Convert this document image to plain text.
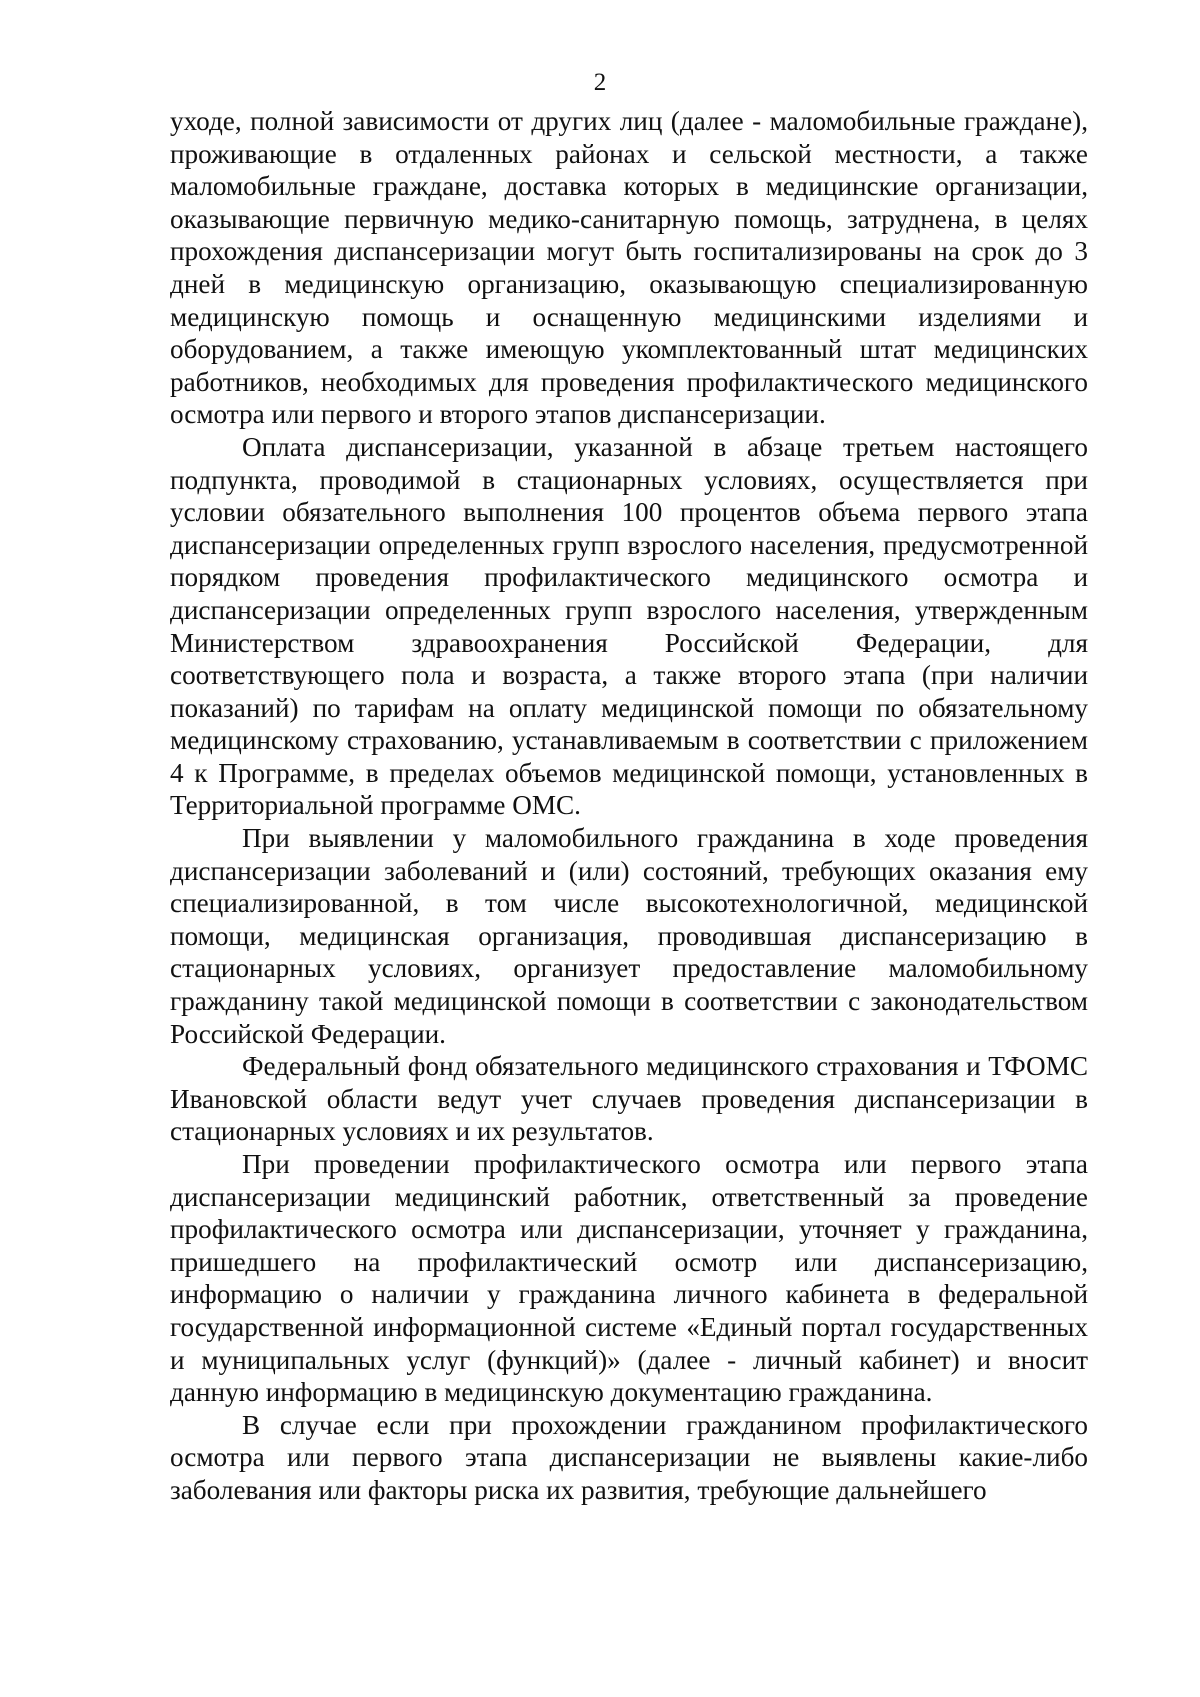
2

уходе, полной зависимости от других лиц (далее - маломобильные граждане), проживающие в отдаленных районах и сельской местности, а также маломобильные граждане, доставка которых в медицинские организации, оказывающие первичную медико-санитарную помощь, затруднена, в целях прохождения диспансеризации могут быть госпитализированы на срок до 3 дней в медицинскую организацию, оказывающую специализированную медицинскую помощь и оснащенную медицинскими изделиями и оборудованием, а также имеющую укомплектованный штат медицинских работников, необходимых для проведения профилактического медицинского осмотра или первого и второго этапов диспансеризации.

Оплата диспансеризации, указанной в абзаце третьем настоящего подпункта, проводимой в стационарных условиях, осуществляется при условии обязательного выполнения 100 процентов объема первого этапа диспансеризации определенных групп взрослого населения, предусмотренной порядком проведения профилактического медицинского осмотра и диспансеризации определенных групп взрослого населения, утвержденным Министерством здравоохранения Российской Федерации, для соответствующего пола и возраста, а также второго этапа (при наличии показаний) по тарифам на оплату медицинской помощи по обязательному медицинскому страхованию, устанавливаемым в соответствии с приложением 4 к Программе, в пределах объемов медицинской помощи, установленных в Территориальной программе ОМС.

При выявлении у маломобильного гражданина в ходе проведения диспансеризации заболеваний и (или) состояний, требующих оказания ему специализированной, в том числе высокотехнологичной, медицинской помощи, медицинская организация, проводившая диспансеризацию в стационарных условиях, организует предоставление маломобильному гражданину такой медицинской помощи в соответствии с законодательством Российской Федерации.

Федеральный фонд обязательного медицинского страхования и ТФОМС Ивановской области ведут учет случаев проведения диспансеризации в стационарных условиях и их результатов.

При проведении профилактического осмотра или первого этапа диспансеризации медицинский работник, ответственный за проведение профилактического осмотра или диспансеризации, уточняет у гражданина, пришедшего на профилактический осмотр или диспансеризацию, информацию о наличии у гражданина личного кабинета в федеральной государственной информационной системе «Единый портал государственных и муниципальных услуг (функций)» (далее - личный кабинет) и вносит данную информацию в медицинскую документацию гражданина.

В случае если при прохождении гражданином профилактического осмотра или первого этапа диспансеризации не выявлены какие-либо заболевания или факторы риска их развития, требующие дальнейшего
